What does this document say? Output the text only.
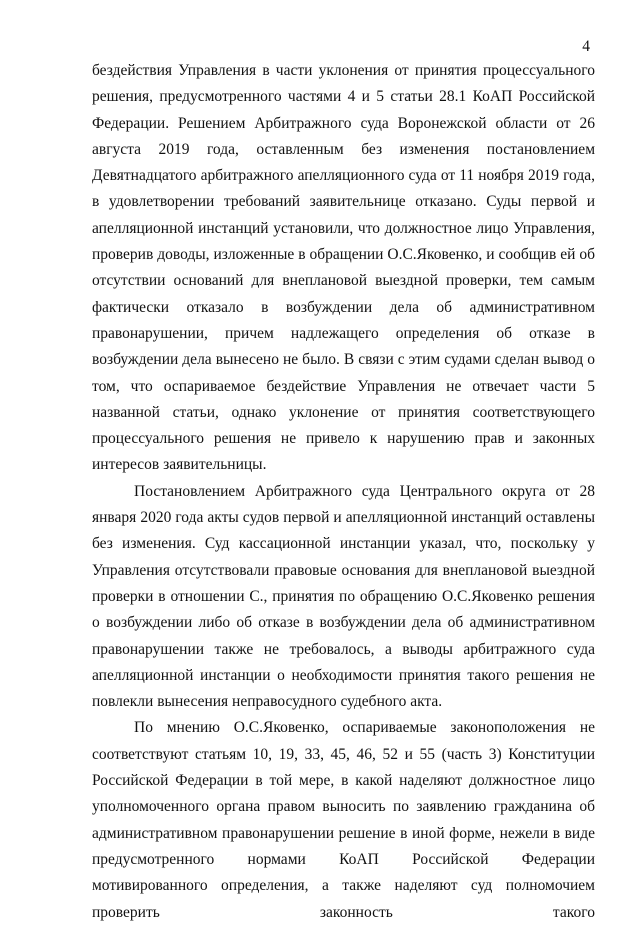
4

бездействия Управления в части уклонения от принятия процессуального решения, предусмотренного частями 4 и 5 статьи 28.1 КоАП Российской Федерации. Решением Арбитражного суда Воронежской области от 26 августа 2019 года, оставленным без изменения постановлением Девятнадцатого арбитражного апелляционного суда от 11 ноября 2019 года, в удовлетворении требований заявительнице отказано. Суды первой и апелляционной инстанций установили, что должностное лицо Управления, проверив доводы, изложенные в обращении О.С.Яковенко, и сообщив ей об отсутствии оснований для внеплановой выездной проверки, тем самым фактически отказало в возбуждении дела об административном правонарушении, причем надлежащего определения об отказе в возбуждении дела вынесено не было. В связи с этим судами сделан вывод о том, что оспариваемое бездействие Управления не отвечает части 5 названной статьи, однако уклонение от принятия соответствующего процессуального решения не привело к нарушению прав и законных интересов заявительницы.

Постановлением Арбитражного суда Центрального округа от 28 января 2020 года акты судов первой и апелляционной инстанций оставлены без изменения. Суд кассационной инстанции указал, что, поскольку у Управления отсутствовали правовые основания для внеплановой выездной проверки в отношении С., принятия по обращению О.С.Яковенко решения о возбуждении либо об отказе в возбуждении дела об административном правонарушении также не требовалось, а выводы арбитражного суда апелляционной инстанции о необходимости принятия такого решения не повлекли вынесения неправосудного судебного акта.

По мнению О.С.Яковенко, оспариваемые законоположения не соответствуют статьям 10, 19, 33, 45, 46, 52 и 55 (часть 3) Конституции Российской Федерации в той мере, в какой наделяют должностное лицо уполномоченного органа правом выносить по заявлению гражданина об административном правонарушении решение в иной форме, нежели в виде предусмотренного нормами КоАП Российской Федерации мотивированного определения, а также наделяют суд полномочием проверить законность такого
